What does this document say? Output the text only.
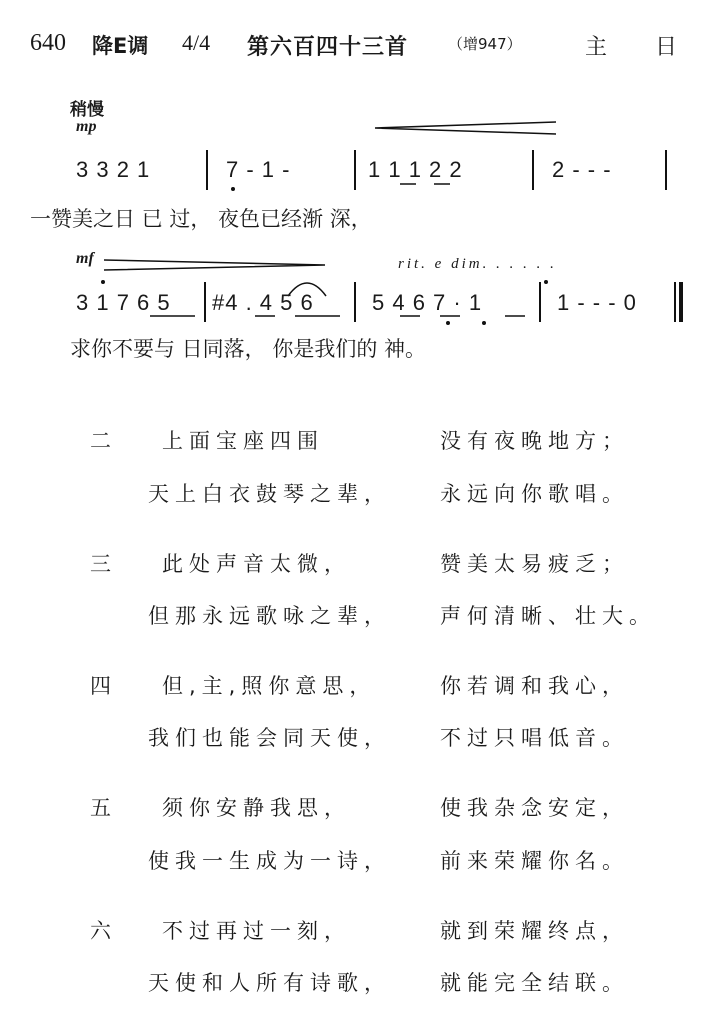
640 降E调 4/4 第六百四十三首	（增947）	主日
稍慢
mp
3 3 2 1	7 - 1 -	1 1 1 2 2	2 - - -
一赞美之日 已 过， 夜色已经渐 深，
mf	rit. e dim. . . . . .
3 1 7 6 5 #4 . 4 5 6	5 4 6 7 · 1	1 - - - 0
求你不要与 日同落， 你是我们的 神。
二 上面宝座四围	没有夜晚地方；
天上白衣鼓琴之辈， 永远向你歌唱。
三 此处声音太微，	赞美太易疲乏；
但那永远歌咏之辈， 声何清晰、壮大。
四 但,主,照你意思，	你若调和我心，
我们也能会同天使， 不过只唱低音。
五 须你安静我思，	使我杂念安定，
使我一生成为一诗， 前来荣耀你名。
六 不过再过一刻，	就到荣耀终点，
天使和人所有诗歌， 就能完全结联。
